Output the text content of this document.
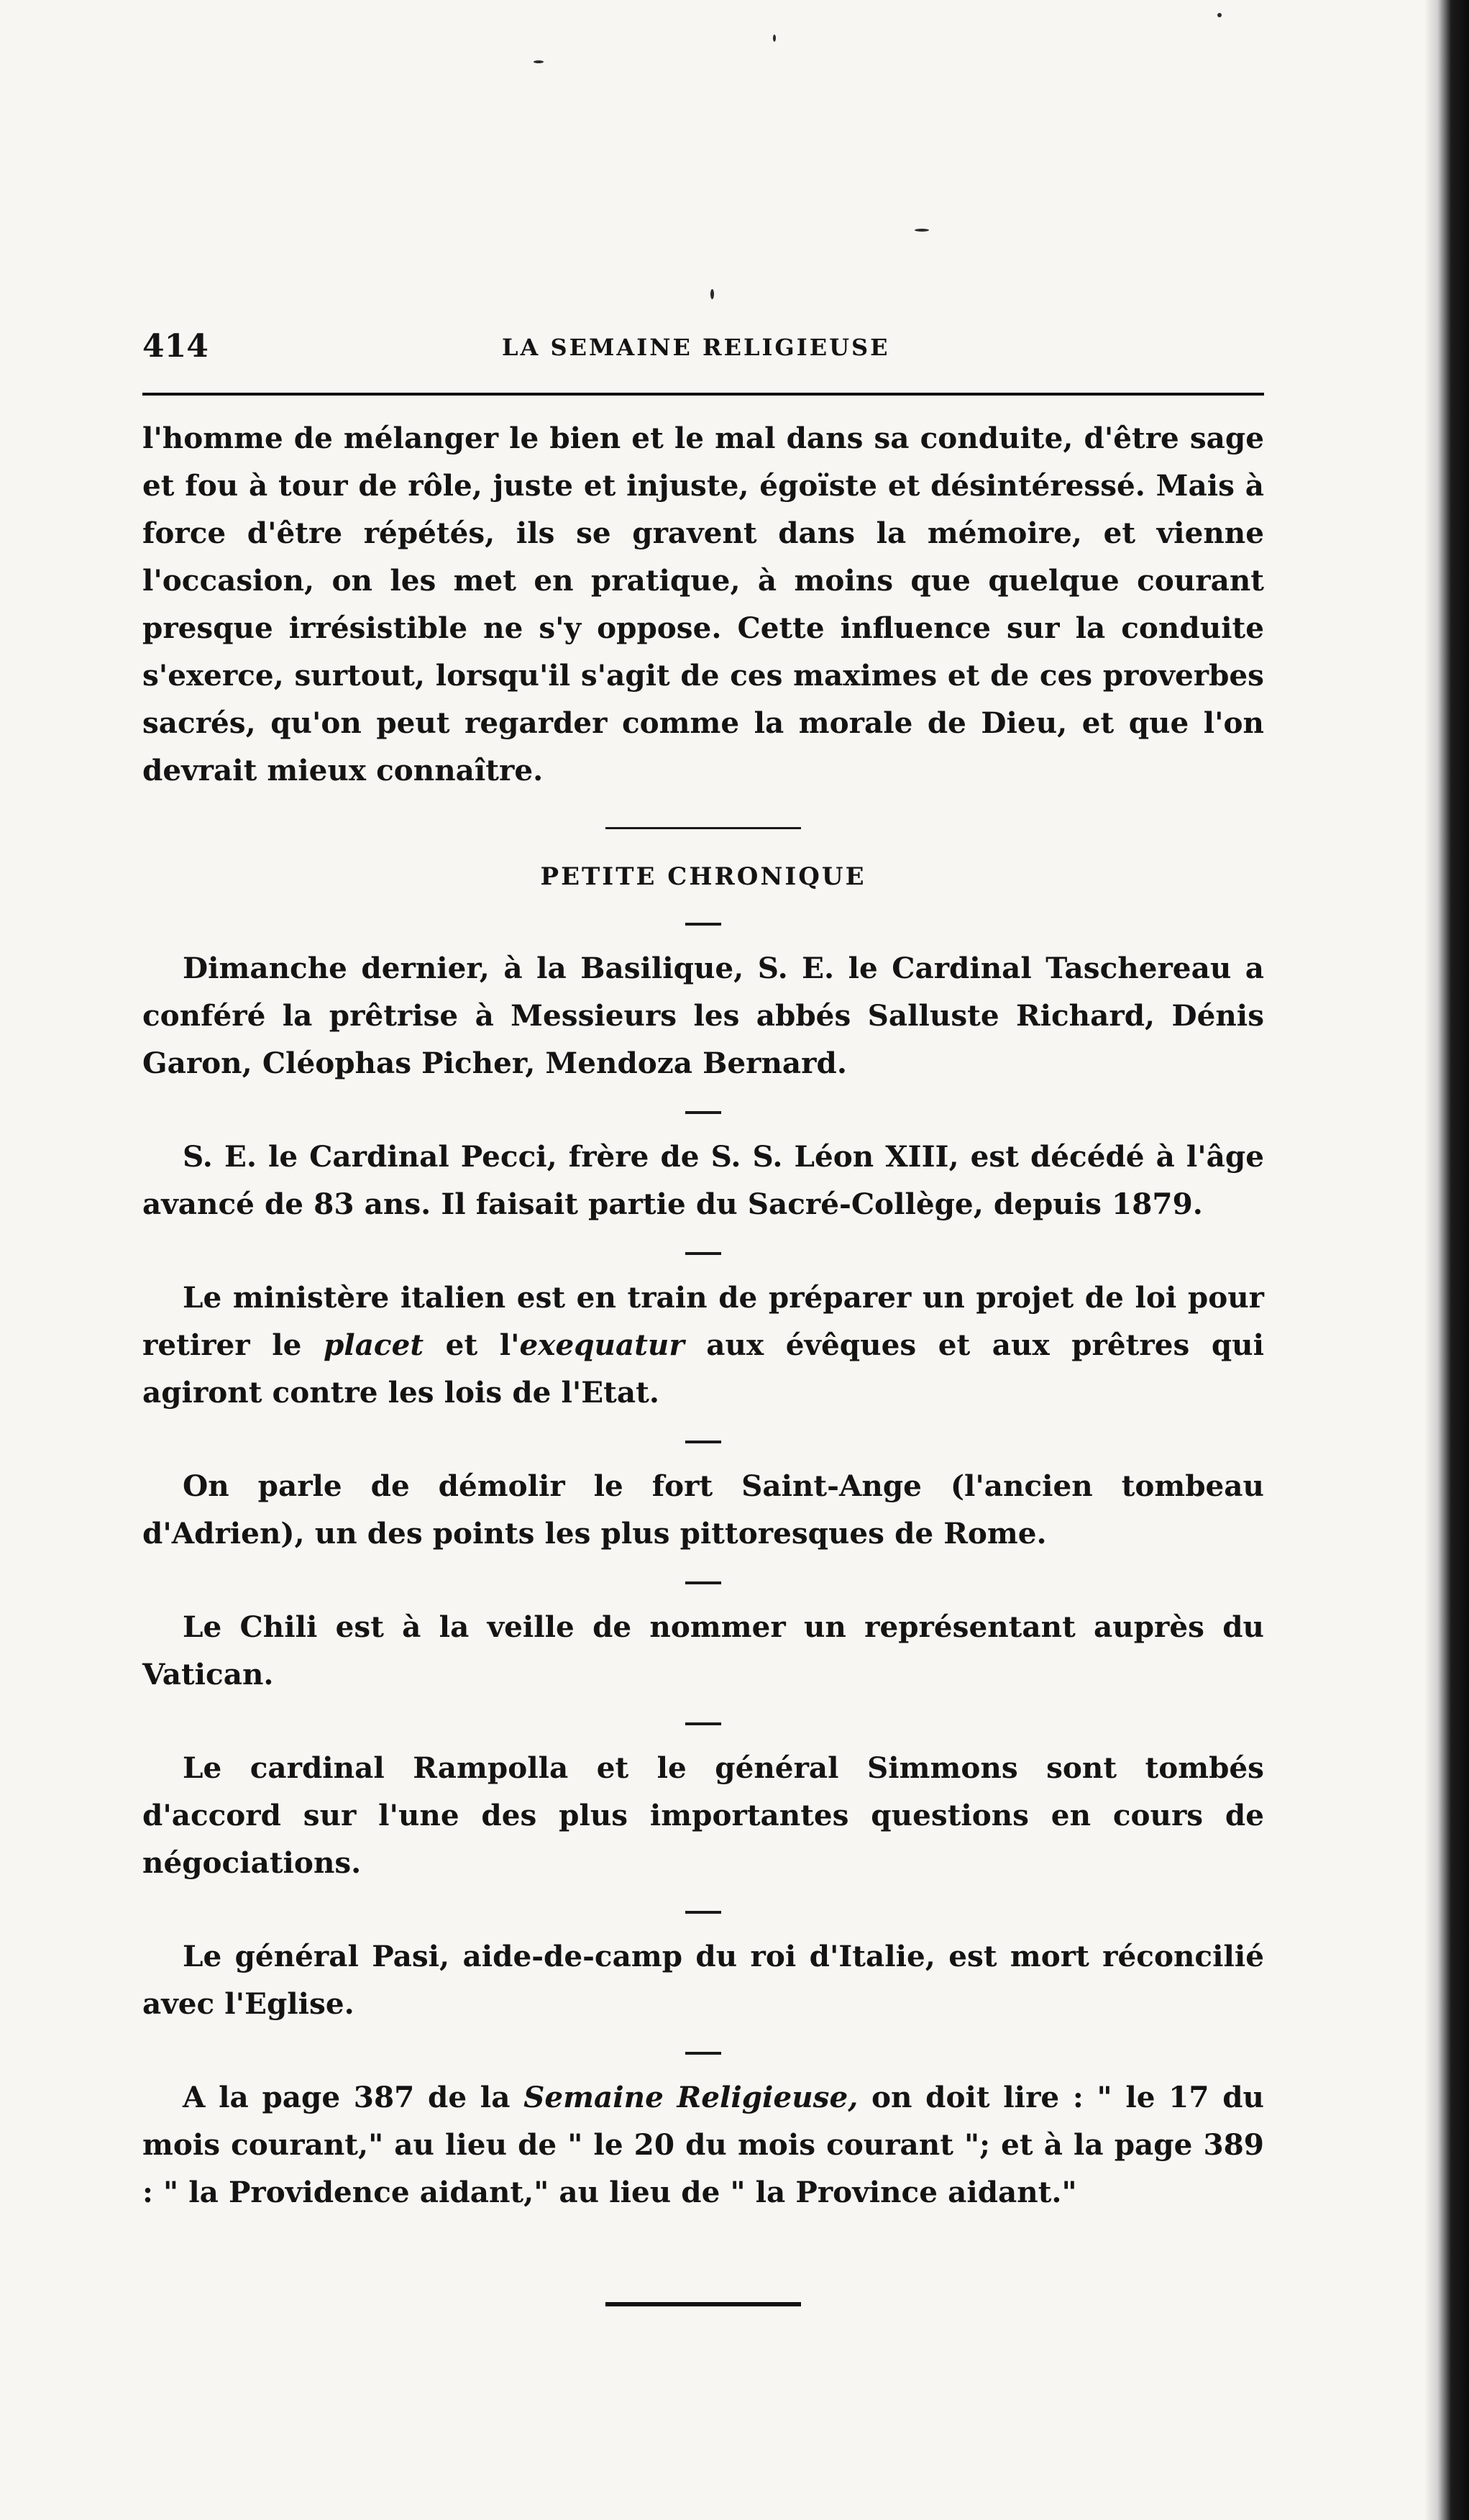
414	LA SEMAINE RELIGIEUSE

l'homme de mélanger le bien et le mal dans sa conduite, d'être sage et fou à tour de rôle, juste et injuste, égoïste et désintéressé. Mais à force d'être répétés, ils se gravent dans la mémoire, et vienne l'occasion, on les met en pratique, à moins que quelque courant presque irrésistible ne s'y oppose. Cette influence sur la conduite s'exerce, surtout, lorsqu'il s'agit de ces maximes et de ces proverbes sacrés, qu'on peut regarder comme la morale de Dieu, et que l'on devrait mieux connaître.

PETITE CHRONIQUE

Dimanche dernier, à la Basilique, S. E. le Cardinal Taschereau a conféré la prêtrise à Messieurs les abbés Salluste Richard, Dénis Garon, Cléophas Picher, Mendoza Bernard.

S. E. le Cardinal Pecci, frère de S. S. Léon XIII, est décédé à l'âge avancé de 83 ans. Il faisait partie du Sacré-Collège, depuis 1879.

Le ministère italien est en train de préparer un projet de loi pour retirer le placet et l'exequatur aux évêques et aux prêtres qui agiront contre les lois de l'Etat.

On parle de démolir le fort Saint-Ange (l'ancien tombeau d'Adrien), un des points les plus pittoresques de Rome.

Le Chili est à la veille de nommer un représentant auprès du Vatican.

Le cardinal Rampolla et le général Simmons sont tombés d'accord sur l'une des plus importantes questions en cours de négociations.

Le général Pasi, aide-de-camp du roi d'Italie, est mort réconcilié avec l'Eglise.

A la page 387 de la Semaine Religieuse, on doit lire : " le 17 du mois courant," au lieu de " le 20 du mois courant "; et à la page 389 : " la Providence aidant," au lieu de " la Province aidant."
